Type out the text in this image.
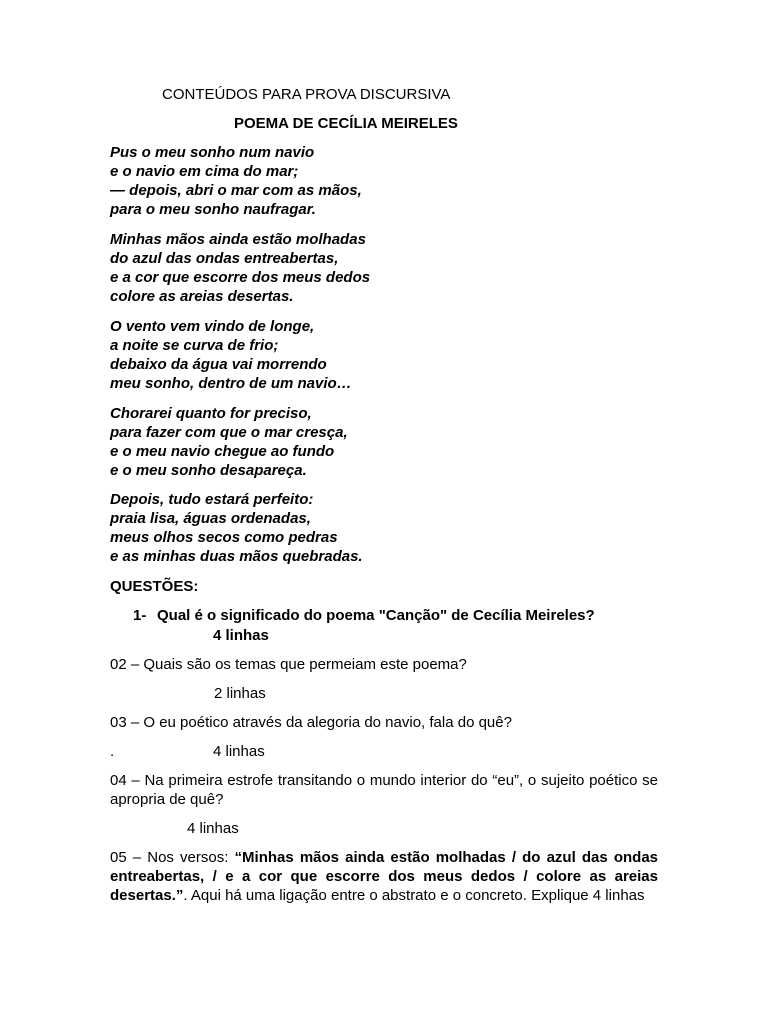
CONTEÚDOS PARA PROVA DISCURSIVA
POEMA DE CECÍLIA MEIRELES
Pus o meu sonho num navio
e o navio em cima do mar;
— depois, abri o mar com as mãos,
para o meu sonho naufragar.
Minhas mãos ainda estão molhadas
do azul das ondas entreabertas,
e a cor que escorre dos meus dedos
colore as areias desertas.
O vento vem vindo de longe,
a noite se curva de frio;
debaixo da água vai morrendo
meu sonho, dentro de um navio…
Chorarei quanto for preciso,
para fazer com que o mar cresça,
e o meu navio chegue ao fundo
e o meu sonho desapareça.
Depois, tudo estará perfeito:
praia lisa, águas ordenadas,
meus olhos secos como pedras
e as minhas duas mãos quebradas.
QUESTÕES:
1- Qual é o significado do poema "Canção" de Cecília Meireles?
4 linhas
02 – Quais são os temas que permeiam este poema?
2 linhas
03 – O eu poético através da alegoria do navio, fala do quê?
.	4 linhas
04 – Na primeira estrofe transitando o mundo interior do “eu”, o sujeito poético se apropria de quê?
4 linhas
05 – Nos versos: “Minhas mãos ainda estão molhadas / do azul das ondas entreabertas, / e a cor que escorre dos meus dedos / colore as areias desertas.”. Aqui há uma ligação entre o abstrato e o concreto. Explique 4 linhas
